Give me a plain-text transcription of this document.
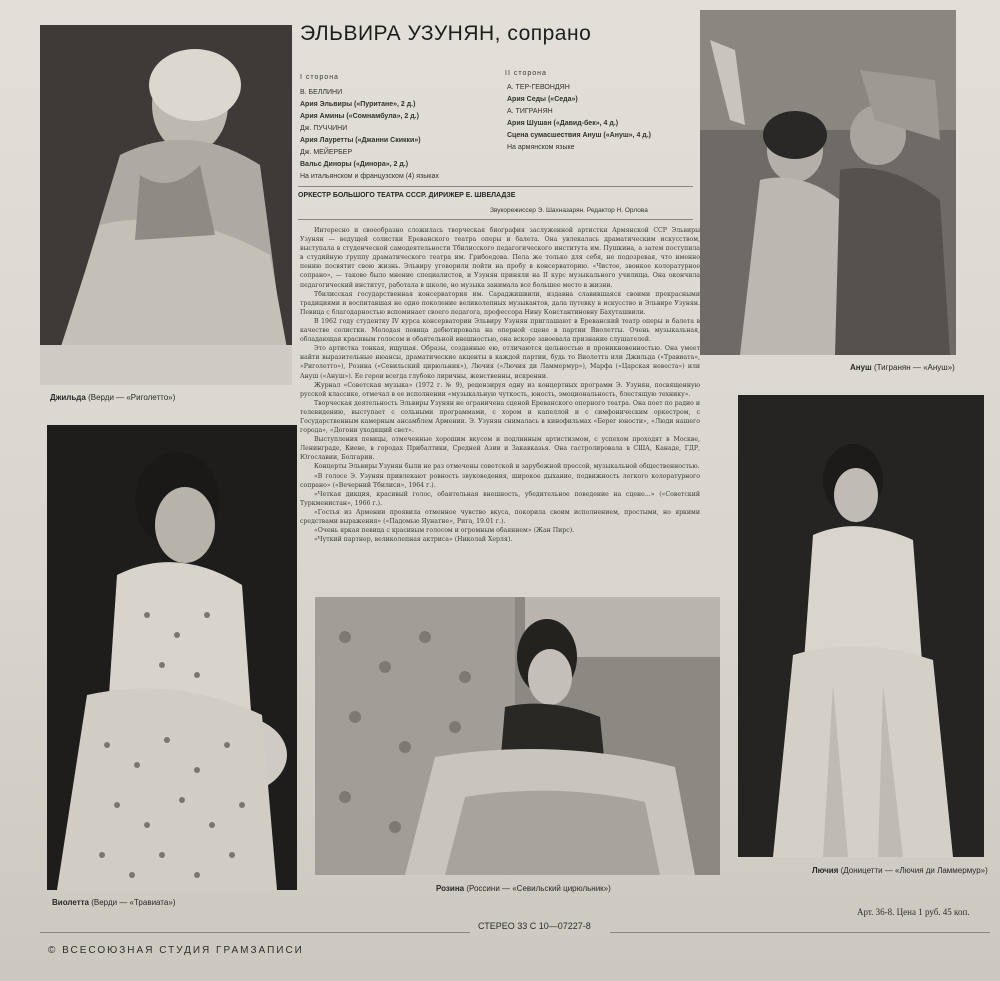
Джильда (Верди — «Риголетто»)
Ануш (Тигранян — «Ануш»)
Виолетта (Верди — «Травиата»)
Розина (Россини — «Севильский цирюльник»)
Лючия (Доницетти — «Лючия ди Ламмермур»)
ЭЛЬВИРА УЗУНЯН, сопрано
I сторона
В. БЕЛЛИНИ
Ария Эльвиры («Пуритане», 2 д.)
Ария Амины («Сомнамбула», 2 д.)
Дж. ПУЧЧИНИ
Ария Лауретты («Джанни Скикки»)
Дж. МЕЙЕРБЕР
Вальс Диноры («Динора», 2 д.)
На итальянском и французском (4) языках
II сторона
А. ТЕР-ГЕВОНДЯН
Ария Седы («Седа»)
А. ТИГРАНЯН
Ария Шушан («Давид-бек», 4 д.)
Сцена сумасшествия Ануш («Ануш», 4 д.)
На армянском языке
ОРКЕСТР БОЛЬШОГО ТЕАТРА СССР. ДИРИЖЕР Е. ШВЕЛАДЗЕ
Звукорежиссер Э. Шахназарян. Редактор Н. Орлова

Интересно и своеобразно сложилась творческая биография заслуженной артистки Армянской ССР Эльвиры Узунян — ведущей солистки Ереванского театра оперы и балета. Она увлекалась драматическим искусством, выступала в студенческой самодеятельности Тбилисского педагогического института им. Пушкина, а затем поступила в студийную группу драматического театра им. Грибоедова. Пела же только для себя, не подозревая, что именно пению посвятит свою жизнь. Эльвиру уговорили пойти на пробу в консерваторию. «Чистое, звонкое колоратурное сопрано», — таково было мнение специалистов, и Узунян приняли на II курс музыкального училища. Она окончила педагогический институт, работала в школе, но музыка занимала все большее место в жизни.

Тбилисская государственная консерватория им. Сараджишвили, издавна славившаяся своими прекрасными традициями и воспитавшая не одно поколение великолепных музыкантов, дала путевку в искусство и Эльвире Узунян. Певица с благодарностью вспоминает своего педагога, профессора Нину Константиновну Бахуташвили.

В 1962 году студентку IV курса консерватории Эльвиру Узунян приглашают в Ереванский театр оперы и балета в качестве солистки. Молодая певица дебютировала на оперной сцене в партии Виолетты. Очень музыкальная, обладающая красивым голосом и обаятельной внешностью, она вскоре завоевала признание слушателей.

Это артистка тонкая, ищущая. Образы, созданные ею, отличаются цельностью и проникновенностью. Она умеет найти выразительные нюансы, драматические акценты в каждой партии, будь то Виолетта или Джильда («Травиата», «Риголетто»), Розина («Севильский цирюльник»), Лючия («Лючия ди Ламмермур»), Марфа («Царская невеста») или Ануш («Ануш»). Ее герои всегда глубоко лиричны, женственны, искренни.

Журнал «Советская музыка» (1972 г. № 9), рецензируя одну из концертных программ Э. Узунян, посвященную русской классике, отмечал в ее исполнении «музыкальную чуткость, юность, эмоциональность, блестящую технику».

Творческая деятельность Эльвиры Узунян не ограничена сценой Ереванского оперного театра. Она поет по радио и телевидению, выступает с сольными программами, с хором и капеллой и с симфоническим оркестром, с Государственным камерным ансамблем Армении. Э. Узунян снималась в кинофильмах «Берег юности», «Люди нашего города», «Догони уходящий свет».

Выступления певицы, отмеченные хорошим вкусом и подлинным артистизмом, с успехом проходят в Москве, Ленинграде, Киеве, в городах Прибалтики, Средней Азии и Закавказья. Она гастролировала в США, Канаде, ГДР, Югославии, Болгарии.

Концерты Эльвиры Узунян были не раз отмечены советской и зарубежной прессой, музыкальной общественностью.

«В голосе Э. Узунян привлекают ровность звуковедения, широкое дыхание, подвижность легкого колоратурного сопрано» («Вечерний Тбилиси», 1964 г.).

«Четкая дикция, красивый голос, обаятельная внешность, убедительное поведение на сцене...» («Советский Туркменистан», 1966 г.).

«Гостья из Армении проявила отменное чувство вкуса, покорила своим исполнением, простыми, но яркими средствами выражения» («Падомью Яунатне», Рига, 19.01 г.).

«Очень яркая певица с красивым голосом и огромным обаянием» (Жан Пирс).

«Чуткий партнер, великолепная актриса» (Николай Херля).

СТЕРЕО 33 С 10—07227-8
Арт. 36-8. Цена 1 руб. 45 коп.
© ВСЕСОЮЗНАЯ СТУДИЯ ГРАМЗАПИСИ
